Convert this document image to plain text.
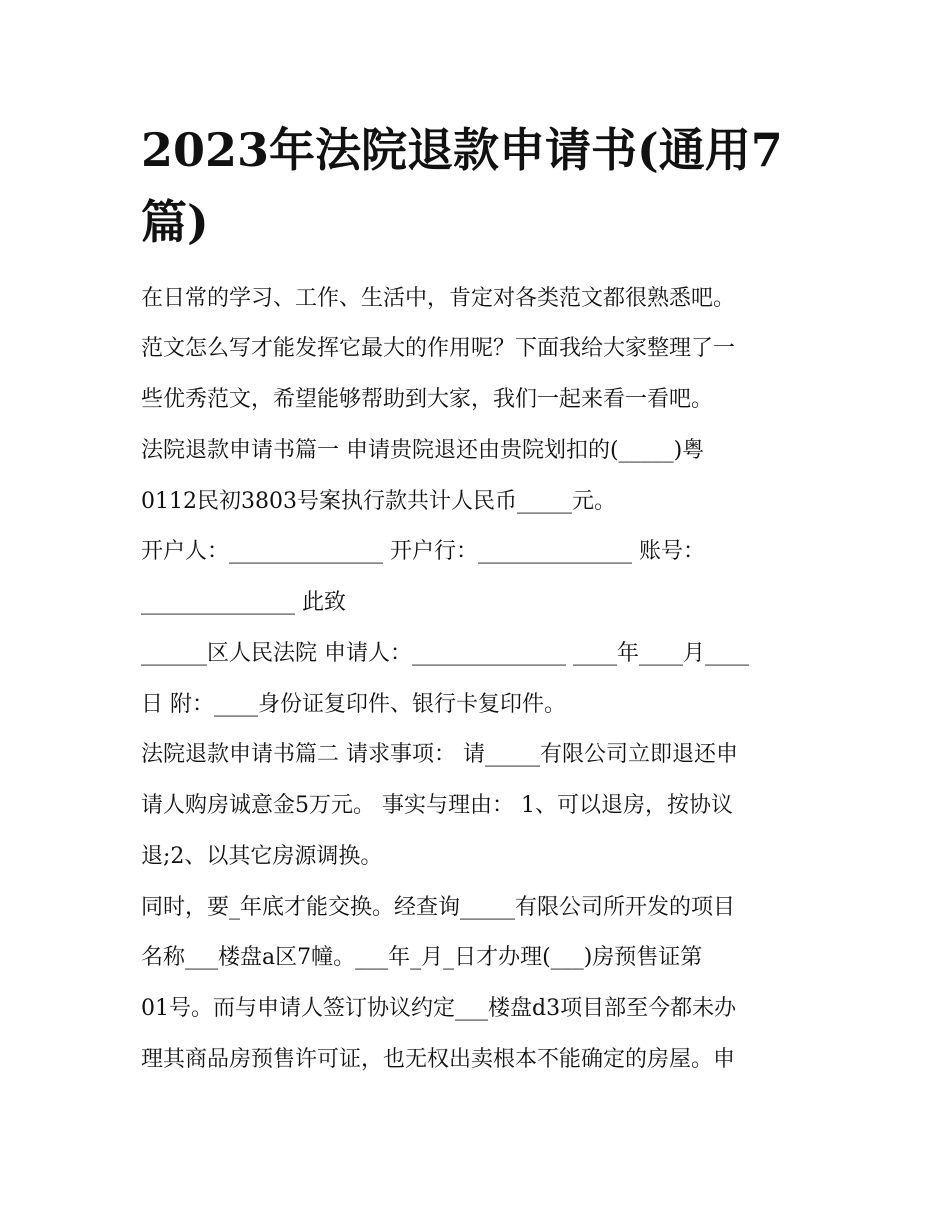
2023年法院退款申请书(通用7
篇)
在日常的学习、工作、生活中，肯定对各类范文都很熟悉吧。
范文怎么写才能发挥它最大的作用呢？下面我给大家整理了一
些优秀范文，希望能够帮助到大家，我们一起来看一看吧。
法院退款申请书篇一 申请贵院退还由贵院划扣的(_____)粤
0112民初3803号案执行款共计人民币_____元。
开户人：______________ 开户行：______________ 账号：
______________ 此致
______区人民法院 申请人：______________ ____年____月____
日 附：____身份证复印件、银行卡复印件。
法院退款申请书篇二 请求事项： 请_____有限公司立即退还申
请人购房诚意金5万元。 事实与理由： 1、可以退房，按协议
退;2、以其它房源调换。
同时，要_年底才能交换。经查询_____有限公司所开发的项目
名称___楼盘a区7幢。___年_月_日才办理(___)房预售证第
01号。而与申请人签订协议约定___楼盘d3项目部至今都未办
理其商品房预售许可证，也无权出卖根本不能确定的房屋。申
